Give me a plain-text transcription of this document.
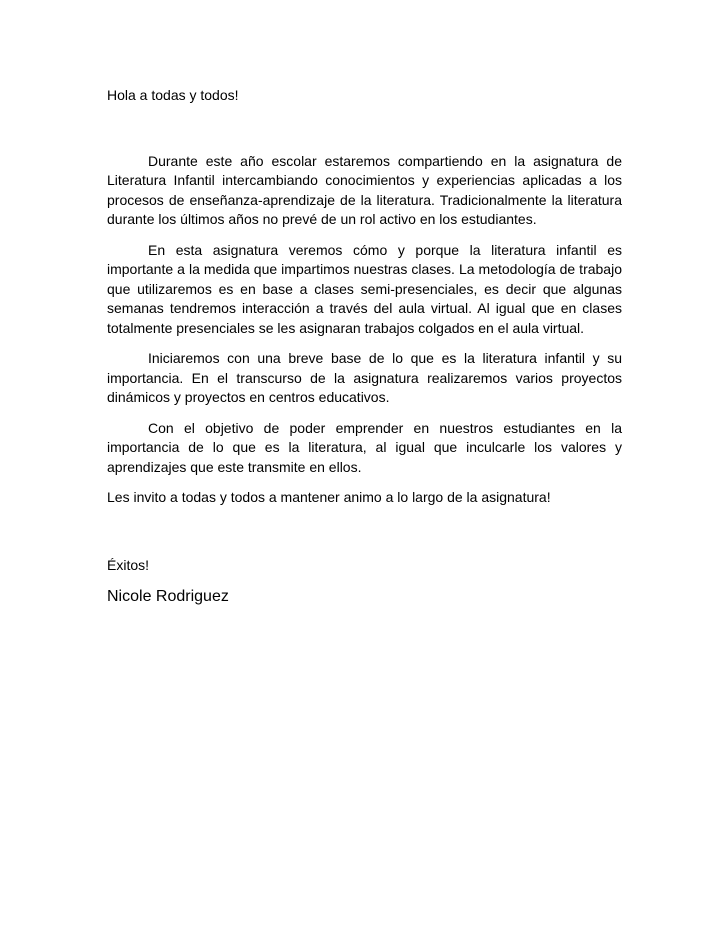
Hola a todas y todos!

Durante este año escolar estaremos compartiendo en la asignatura de Literatura Infantil intercambiando conocimientos y experiencias aplicadas a los procesos de enseñanza-aprendizaje de la literatura. Tradicionalmente la literatura durante los últimos años no prevé de un rol activo en los estudiantes.

En esta asignatura veremos cómo y porque la literatura infantil es importante a la medida que impartimos nuestras clases. La metodología de trabajo que utilizaremos es en base a clases semi-presenciales, es decir que algunas semanas tendremos interacción a través del aula virtual. Al igual que en clases totalmente presenciales se les asignaran trabajos colgados en el aula virtual.

Iniciaremos con una breve base de lo que es la literatura infantil y su importancia. En el transcurso de la asignatura realizaremos varios proyectos dinámicos y proyectos en centros educativos.

Con el objetivo de poder emprender en nuestros estudiantes en la importancia de lo que es la literatura, al igual que inculcarle los valores y aprendizajes que este transmite en ellos.

Les invito a todas y todos a mantener animo a lo largo de la asignatura!

Éxitos!

Nicole Rodriguez
